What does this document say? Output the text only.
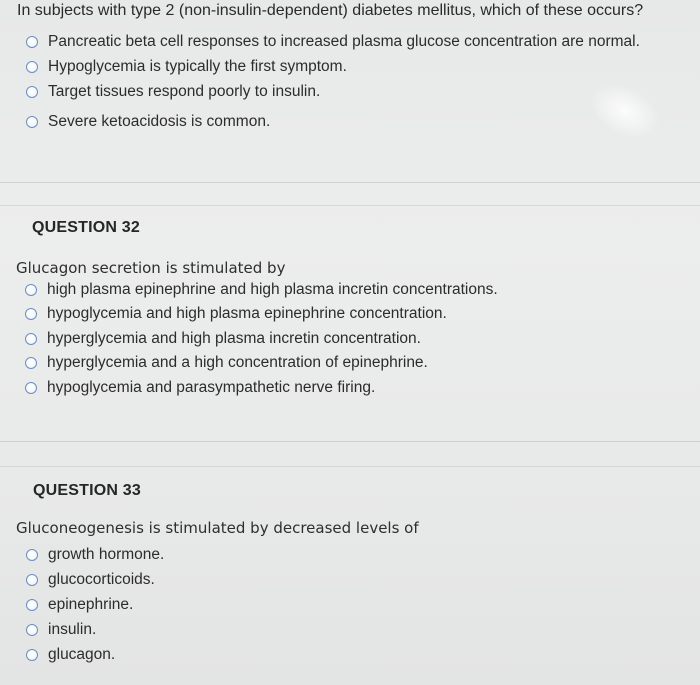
In subjects with type 2 (non-insulin-dependent) diabetes mellitus, which of these occurs?
Pancreatic beta cell responses to increased plasma glucose concentration are normal.
Hypoglycemia is typically the first symptom.
Target tissues respond poorly to insulin.
Severe ketoacidosis is common.
QUESTION 32
Glucagon secretion is stimulated by
high plasma epinephrine and high plasma incretin concentrations.
hypoglycemia and high plasma epinephrine concentration.
hyperglycemia and high plasma incretin concentration.
hyperglycemia and a high concentration of epinephrine.
hypoglycemia and parasympathetic nerve firing.
QUESTION 33
Gluconeogenesis is stimulated by decreased levels of
growth hormone.
glucocorticoids.
epinephrine.
insulin.
glucagon.
